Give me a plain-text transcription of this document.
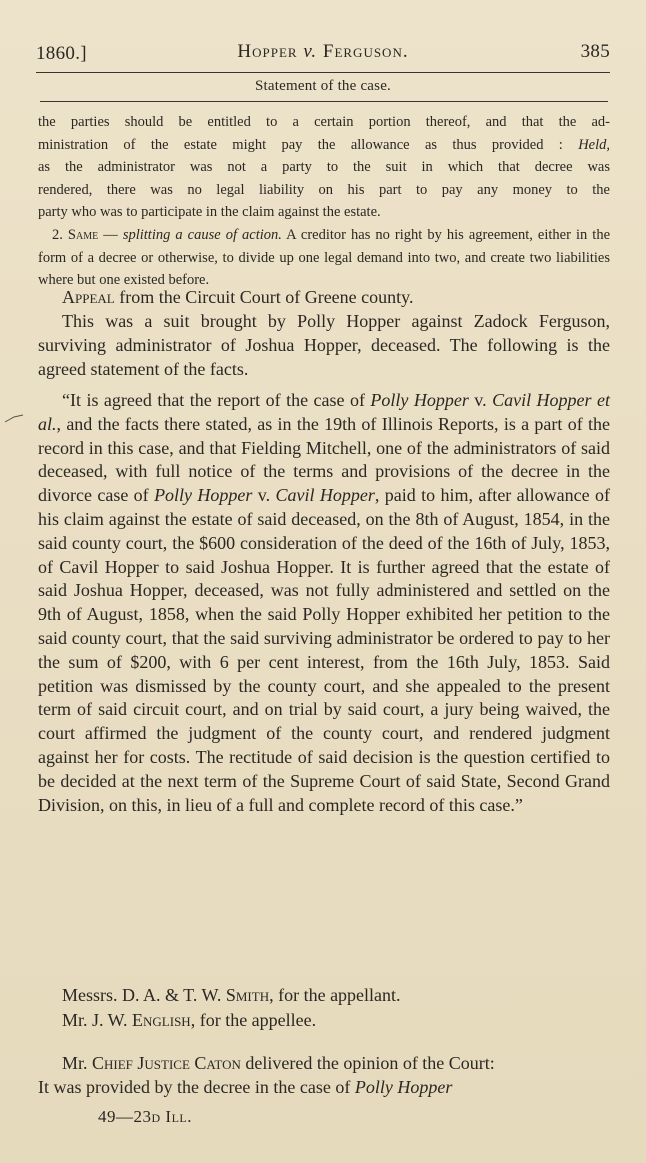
1860.]	Hopper v. Ferguson.	385
Statement of the case.

the parties should be entitled to a certain portion thereof, and that the ad-

ministration of the estate might pay the allowance as thus provided : Held,

as the administrator was not a party to the suit in which that decree was

rendered, there was no legal liability on his part to pay any money to the

party who was to participate in the claim against the estate.

2. Same — splitting a cause of action. A creditor has no right by his agreement, either in the form of a decree or otherwise, to divide up one legal demand into two, and create two liabilities where but one existed before.

Appeal from the Circuit Court of Greene county.

This was a suit brought by Polly Hopper against Zadock Ferguson, surviving administrator of Joshua Hopper, deceased. The following is the agreed statement of the facts.

“It is agreed that the report of the case of Polly Hopper v. Cavil Hopper et al., and the facts there stated, as in the 19th of Illinois Reports, is a part of the record in this case, and that Fielding Mitchell, one of the administrators of said deceased, with full notice of the terms and provisions of the decree in the divorce case of Polly Hopper v. Cavil Hopper, paid to him, after allowance of his claim against the estate of said deceased, on the 8th of August, 1854, in the said county court, the $600 consideration of the deed of the 16th of July, 1853, of Cavil Hopper to said Joshua Hopper. It is further agreed that the estate of said Joshua Hopper, deceased, was not fully administered and settled on the 9th of August, 1858, when the said Polly Hopper exhibited her petition to the said county court, that the said surviving administrator be ordered to pay to her the sum of $200, with 6 per cent interest, from the 16th July, 1853. Said petition was dismissed by the county court, and she appealed to the present term of said circuit court, and on trial by said court, a jury being waived, the court affirmed the judgment of the county court, and rendered judgment against her for costs. The rectitude of said decision is the question certified to be decided at the next term of the Supreme Court of said State, Second Grand Division, on this, in lieu of a full and complete record of this case.”

Messrs. D. A. & T. W. Smith, for the appellant.

Mr. J. W. English, for the appellee.

Mr. Chief Justice Caton delivered the opinion of the Court:

It was provided by the decree in the case of Polly Hopper

49—23d Ill.
